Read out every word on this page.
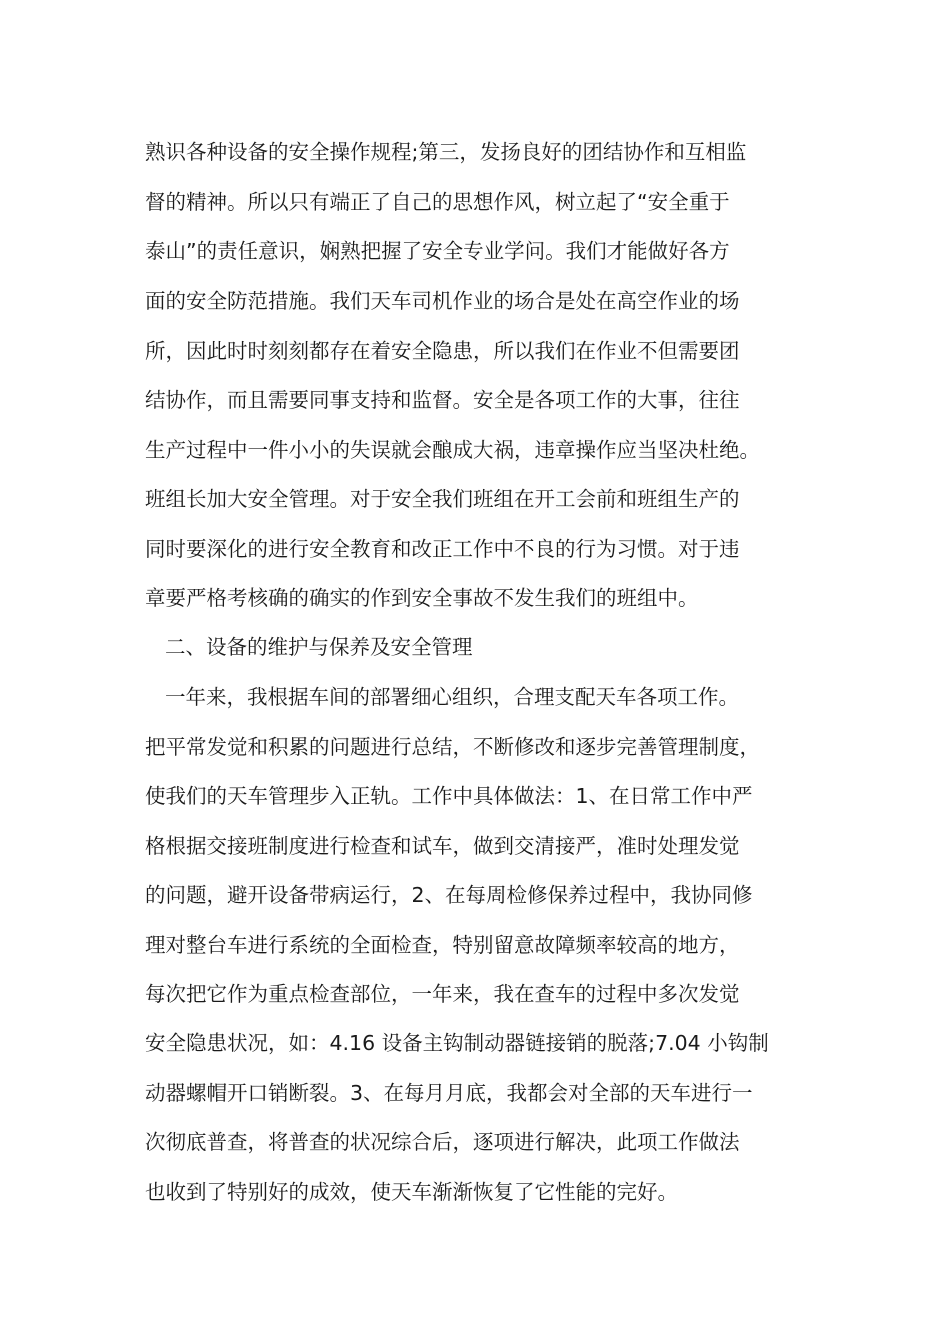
熟识各种设备的安全操作规程;第三，发扬良好的团结协作和互相监
督的精神。所以只有端正了自己的思想作风，树立起了“安全重于
泰山”的责任意识，娴熟把握了安全专业学问。我们才能做好各方
面的安全防范措施。我们天车司机作业的场合是处在高空作业的场
所，因此时时刻刻都存在着安全隐患，所以我们在作业不但需要团
结协作，而且需要同事支持和监督。安全是各项工作的大事，往往
生产过程中一件小小的失误就会酿成大祸，违章操作应当坚决杜绝。
班组长加大安全管理。对于安全我们班组在开工会前和班组生产的
同时要深化的进行安全教育和改正工作中不良的行为习惯。对于违
章要严格考核确的确实的作到安全事故不发生我们的班组中。
二、设备的维护与保养及安全管理
一年来，我根据车间的部署细心组织，合理支配天车各项工作。
把平常发觉和积累的问题进行总结，不断修改和逐步完善管理制度，
使我们的天车管理步入正轨。工作中具体做法：1、在日常工作中严
格根据交接班制度进行检查和试车，做到交清接严，准时处理发觉
的问题，避开设备带病运行，2、在每周检修保养过程中，我协同修
理对整台车进行系统的全面检查，特别留意故障频率较高的地方，
每次把它作为重点检查部位，一年来，我在查车的过程中多次发觉
安全隐患状况，如：4.16 设备主钩制动器链接销的脱落;7.04 小钩制
动器螺帽开口销断裂。3、在每月月底，我都会对全部的天车进行一
次彻底普查，将普查的状况综合后，逐项进行解决，此项工作做法
也收到了特别好的成效，使天车渐渐恢复了它性能的完好。
